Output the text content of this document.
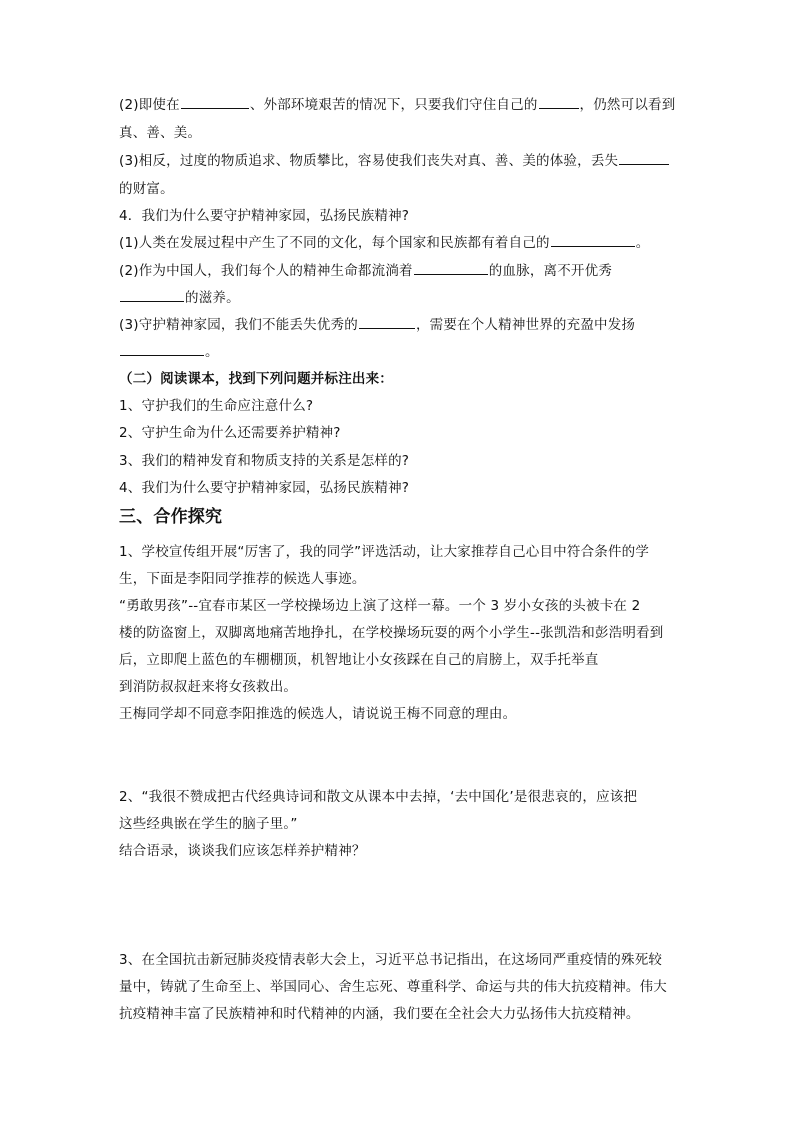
(2)即使在	、外部环境艰苦的情况下，只要我们守住自己的	，仍然可以看到
真、善、美。
(3)相反，过度的物质追求、物质攀比，容易使我们丧失对真、善、美的体验，丢失
的财富。
4．我们为什么要守护精神家园，弘扬民族精神?
(1)人类在发展过程中产生了不同的文化，每个国家和民族都有着自己的	。
(2)作为中国人，我们每个人的精神生命都流淌着	的血脉，离不开优秀
的滋养。
(3)守护精神家园，我们不能丢失优秀的	，需要在个人精神世界的充盈中发扬
。
（二）阅读课本，找到下列问题并标注出来：
1、守护我们的生命应注意什么?
2、守护生命为什么还需要养护精神?
3、我们的精神发育和物质支持的关系是怎样的?
4、我们为什么要守护精神家园，弘扬民族精神?
三、合作探究
1、学校宣传组开展“厉害了，我的同学”评选活动，让大家推荐自己心目中符合条件的学
生，下面是李阳同学推荐的候选人事迹。
“勇敢男孩”--宜春市某区一学校操场边上演了这样一幕。一个 3 岁小女孩的头被卡在 2
楼的防盗窗上，双脚离地痛苦地挣扎，在学校操场玩耍的两个小学生--张凯浩和彭浩明看到
后，立即爬上蓝色的车棚棚顶，机智地让小女孩踩在自己的肩膀上，双手托举直
到消防叔叔赶来将女孩救出。
王梅同学却不同意李阳推选的候选人，请说说王梅不同意的理由。
2、“我很不赞成把古代经典诗词和散文从课本中去掉，‘去中国化’是很悲哀的，应该把
这些经典嵌在学生的脑子里。”
结合语录，谈谈我们应该怎样养护精神？
3、在全国抗击新冠肺炎疫情表彰大会上，习近平总书记指出，在这场同严重疫情的殊死较
量中，铸就了生命至上、举国同心、舍生忘死、尊重科学、命运与共的伟大抗疫精神。伟大
抗疫精神丰富了民族精神和时代精神的内涵，我们要在全社会大力弘扬伟大抗疫精神。
